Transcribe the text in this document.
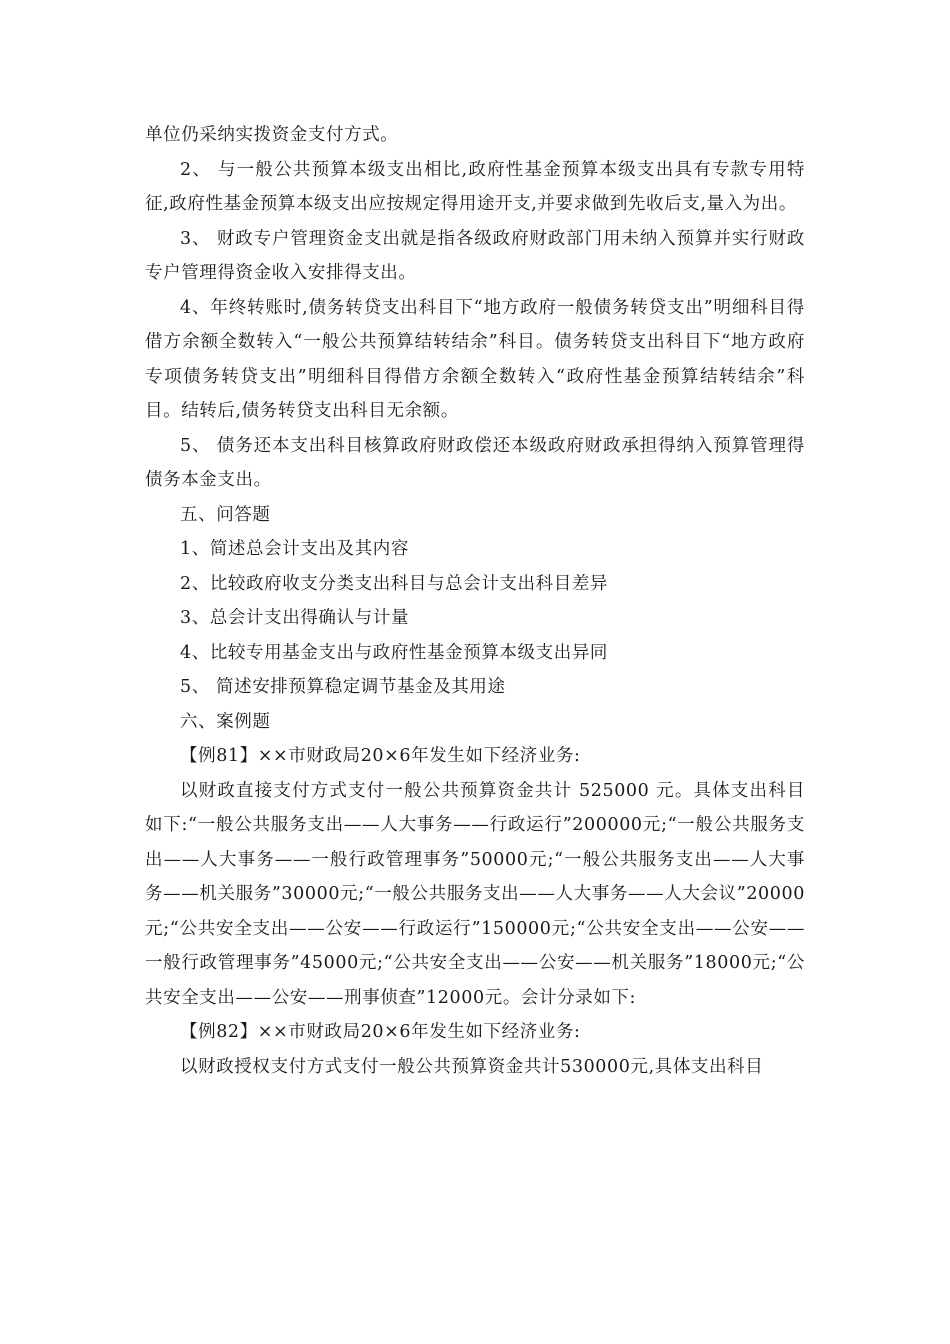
单位仍采纳实拨资金支付方式。

2、 与一般公共预算本级支出相比,政府性基金预算本级支出具有专款专用特征,政府性基金预算本级支出应按规定得用途开支,并要求做到先收后支,量入为出。

3、 财政专户管理资金支出就是指各级政府财政部门用未纳入预算并实行财政专户管理得资金收入安排得支出。

4、年终转账时,债务转贷支出科目下“地方政府一般债务转贷支出”明细科目得借方余额全数转入“一般公共预算结转结余”科目。债务转贷支出科目下“地方政府专项债务转贷支出”明细科目得借方余额全数转入“政府性基金预算结转结余”科目。结转后,债务转贷支出科目无余额。

5、 债务还本支出科目核算政府财政偿还本级政府财政承担得纳入预算管理得债务本金支出。

五、问答题

1、简述总会计支出及其内容

2、比较政府收支分类支出科目与总会计支出科目差异

3、总会计支出得确认与计量

4、比较专用基金支出与政府性基金预算本级支出异同

5、 简述安排预算稳定调节基金及其用途

六、案例题

【例81】××市财政局20×6年发生如下经济业务:

以财政直接支付方式支付一般公共预算资金共计 525000 元。具体支出科目如下:“一般公共服务支出——人大事务——行政运行”200000元;“一般公共服务支出——人大事务——一般行政管理事务”50000元;“一般公共服务支出——人大事务——机关服务”30000元;“一般公共服务支出——人大事务——人大会议”20000元;“公共安全支出——公安——行政运行”150000元;“公共安全支出——公安——一般行政管理事务”45000元;“公共安全支出——公安——机关服务”18000元;“公共安全支出——公安——刑事侦查”12000元。会计分录如下:

【例82】××市财政局20×6年发生如下经济业务:

以财政授权支付方式支付一般公共预算资金共计530000元,具体支出科目
